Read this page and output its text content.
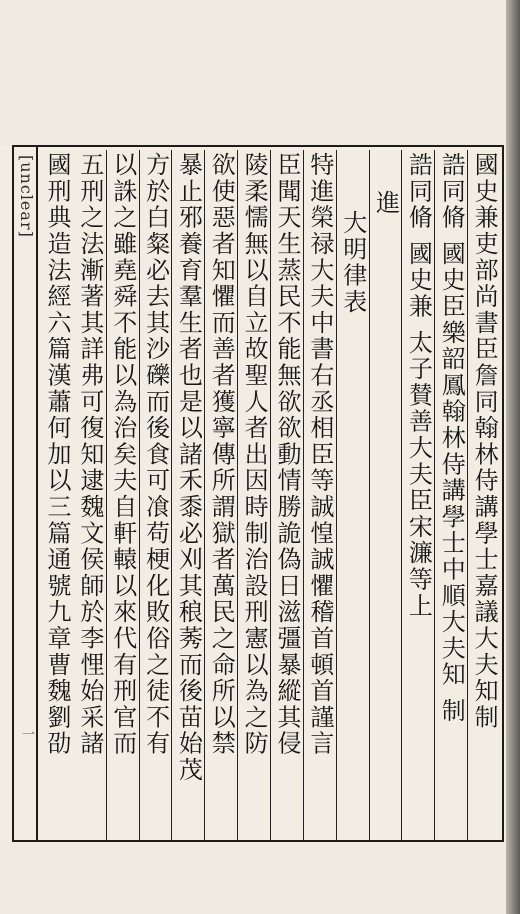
[unclear]
一
國史兼吏部尚書臣詹同翰林侍講學士嘉議大夫知制
誥同脩 國史臣樂韶鳳翰林侍講學士中順大夫知 制
誥同脩 國史兼 太子賛善大夫臣宋濂等上
進
大明律表
特進榮禄大夫中書右丞相臣等誠惶誠懼稽首頓首謹言
臣聞天生蒸民不能無欲欲動情勝詭偽日滋彊暴縱其侵
陵柔懦無以自立故聖人者出因時制治設刑憲以為之防
欲使惡者知懼而善者獲寧傳所謂獄者萬民之命所以禁
暴止邪養育羣生者也是以諸禾黍必刈其稂莠而後苗始茂
方於白粲必去其沙礫而後食可飡苟梗化敗俗之徒不有
以誅之雖堯舜不能以為治矣夫自軒轅以來代有刑官而
五刑之法漸著其詳弗可復知逮魏文侯師於李悝始采諸
國刑典造法經六篇漢蕭何加以三篇通號九章曹魏劉劭
